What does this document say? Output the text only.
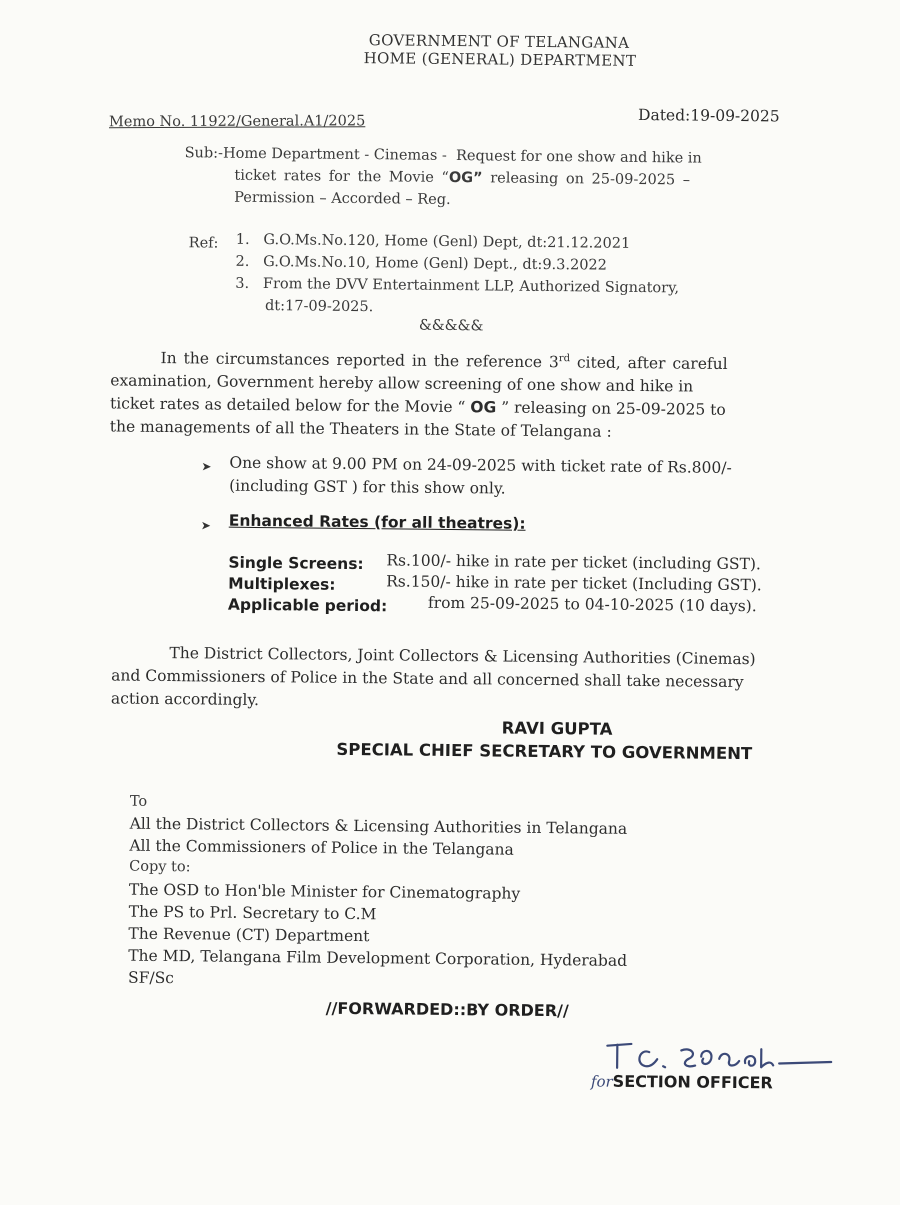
GOVERNMENT OF TELANGANA
HOME (GENERAL) DEPARTMENT
Memo No. 11922/General.A1/2025	Dated:19-09-2025
Sub:-Home Department - Cinemas - Request for one show and hike in
ticket rates for the Movie “OG” releasing on 25-09-2025 –
Permission – Accorded – Reg.
Ref: 1. G.O.Ms.No.120, Home (Genl) Dept, dt:21.12.2021
2. G.O.Ms.No.10, Home (Genl) Dept., dt:9.3.2022
3. From the DVV Entertainment LLP, Authorized Signatory,
dt:17-09-2025.
&&&&&
In the circumstances reported in the reference 3rd cited, after careful
examination, Government hereby allow screening of one show and hike in
ticket rates as detailed below for the Movie “ OG ” releasing on 25-09-2025 to
the managements of all the Theaters in the State of Telangana :
➤ One show at 9.00 PM on 24-09-2025 with ticket rate of Rs.800/-
(including GST ) for this show only.
➤ Enhanced Rates (for all theatres):
Single Screens: Rs.100/- hike in rate per ticket (including GST).
Multiplexes:	Rs.150/- hike in rate per ticket (Including GST).
Applicable period:	from 25-09-2025 to 04-10-2025 (10 days).
The District Collectors, Joint Collectors & Licensing Authorities (Cinemas)
and Commissioners of Police in the State and all concerned shall take necessary
action accordingly.
RAVI GUPTA
SPECIAL CHIEF SECRETARY TO GOVERNMENT
To
All the District Collectors & Licensing Authorities in Telangana
All the Commissioners of Police in the Telangana
Copy to:
The OSD to Hon'ble Minister for Cinematography
The PS to Prl. Secretary to C.M
The Revenue (CT) Department
The MD, Telangana Film Development Corporation, Hyderabad
SF/Sc
//FORWARDED::BY ORDER//
forSECTION OFFICER
